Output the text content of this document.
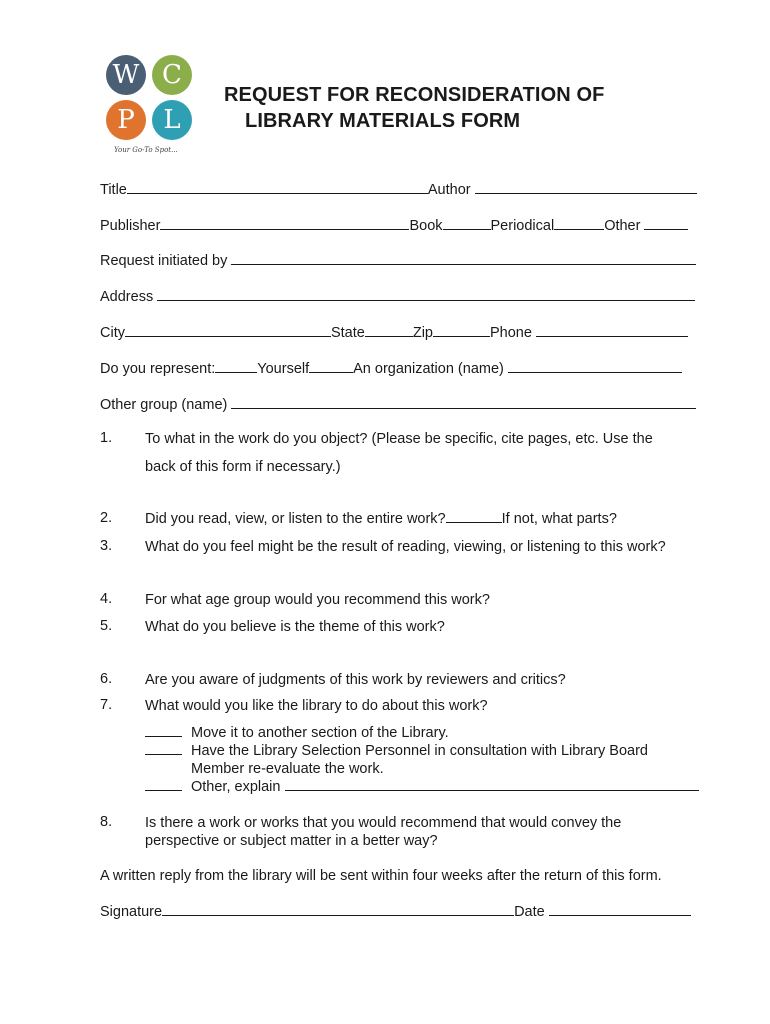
W C
P	L
Your Go-To Spot...
REQUEST FOR RECONSIDERATION OF
LIBRARY MATERIALS FORM
Title	Author
Publisher	Book	Periodical	Other
Request initiated by
Address
City	State	Zip	Phone
Do you represent:	Yourself	An organization (name)
Other group (name)
1. To what in the work do you object? (Please be specific, cite pages, etc. Use the
back of this form if necessary.)
2. Did you read, view, or listen to the entire work?	If not, what parts?
3. What do you feel might be the result of reading, viewing, or listening to this work?
4. For what age group would you recommend this work?
5. What do you believe is the theme of this work?
6. Are you aware of judgments of this work by reviewers and critics?
7. What would you like the library to do about this work?
Move it to another section of the Library.
Have the Library Selection Personnel in consultation with Library Board
Member re-evaluate the work.
Other, explain
8. Is there a work or works that you would recommend that would convey the
perspective or subject matter in a better way?
A written reply from the library will be sent within four weeks after the return of this form.
Signature	Date
